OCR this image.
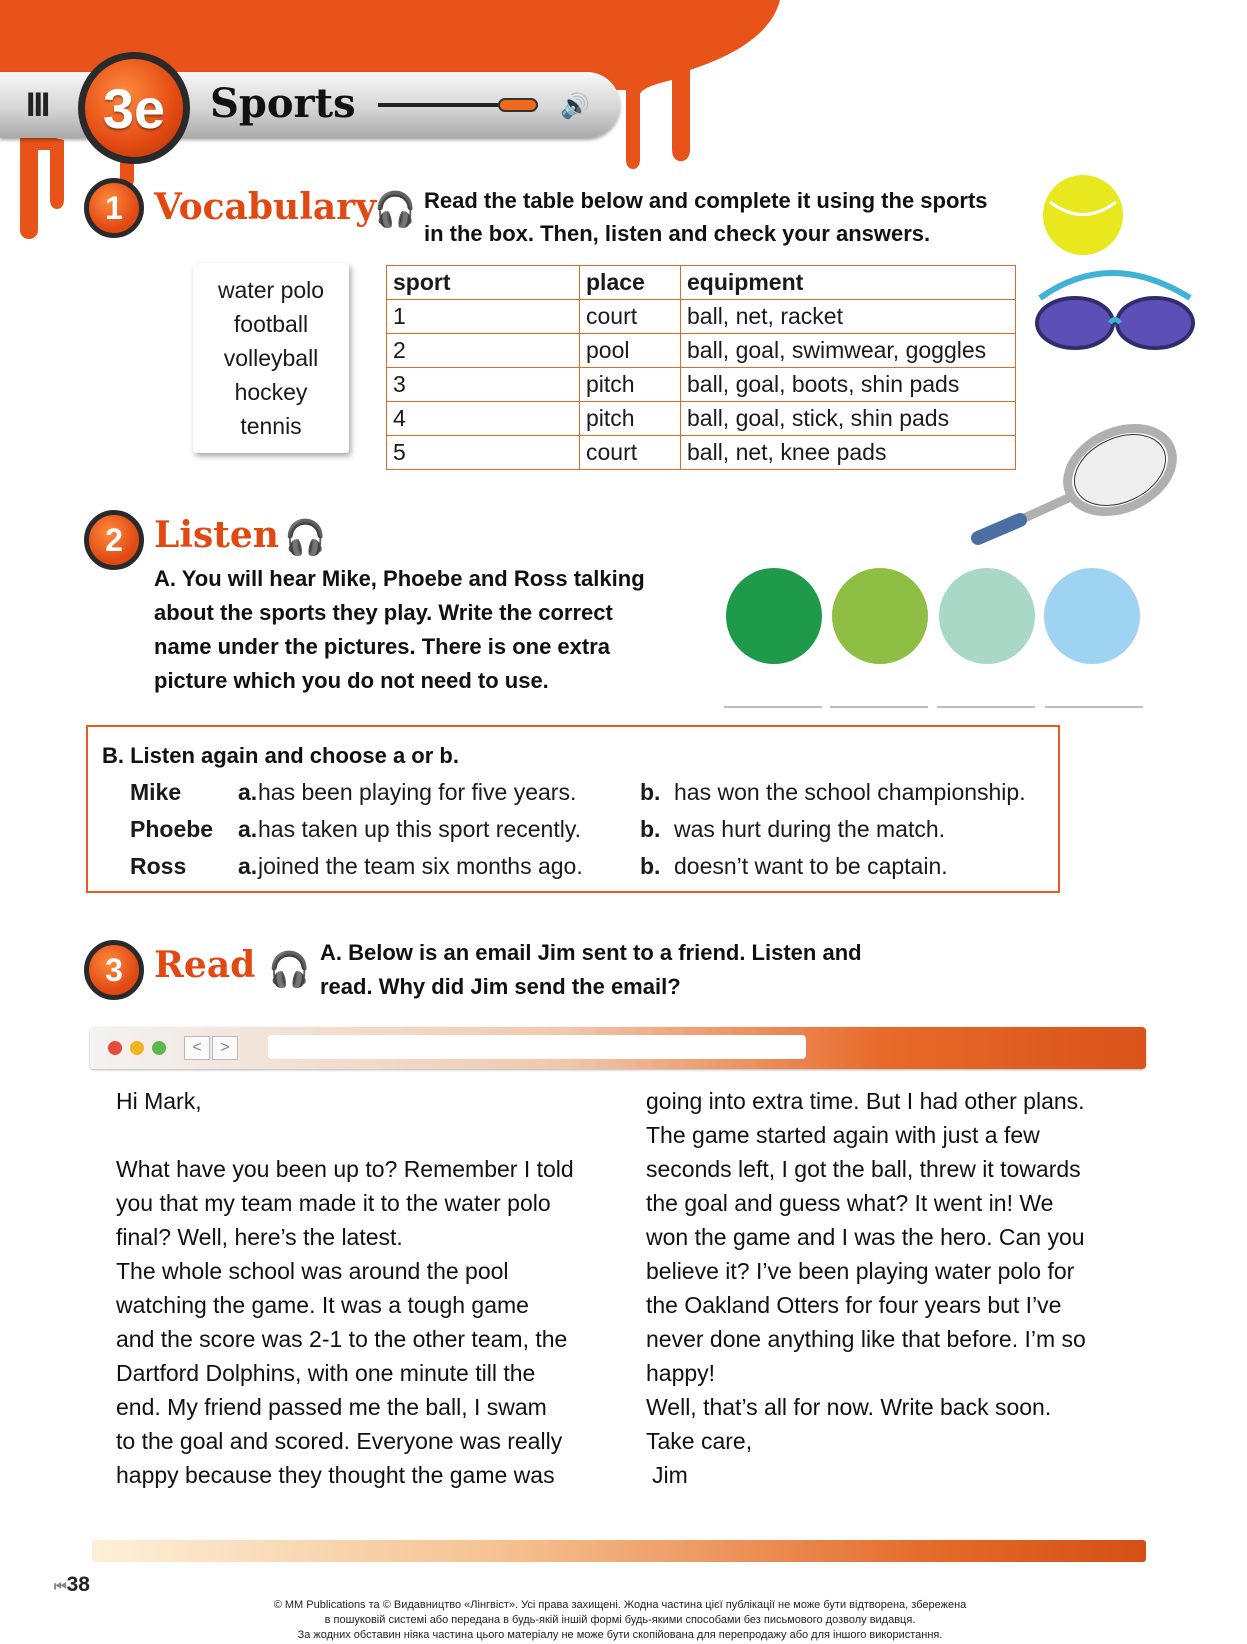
III 3e	Sports	🔊
1 Vocabulary
🎧 Read the table below and complete it using the sports
in the box. Then, listen and check your answers.
water polo
football
volleyball
hockey
tennis
sport	place	equipment
1	court	ball, net, racket
2	pool	ball, goal, swimwear, goggles
3	pitch	ball, goal, boots, shin pads
4	pitch	ball, goal, stick, shin pads
5	court	ball, net, knee pads
2 Listen 🎧
A. You will hear Mike, Phoebe and Ross talking
about the sports they play. Write the correct
name under the pictures. There is one extra
picture which you do not need to use.
B. Listen again and choose a or b.
Mike a. has been playing for five years.	b. has won the school championship.
Phoebe a. has taken up this sport recently.	b. was hurt during the match.
Ross a. joined the team six months ago. b. doesn’t want to be captain.
3 Read 🎧 A. Below is an email Jim sent to a friend. Listen and
read. Why did Jim send the email?
<	>

Hi Mark,

What have you been up to? Remember I told

you that my team made it to the water polo

final? Well, here’s the latest.

The whole school was around the pool

watching the game. It was a tough game

and the score was 2-1 to the other team, the

Dartford Dolphins, with one minute till the

end. My friend passed me the ball, I swam

to the goal and scored. Everyone was really

happy because they thought the game was

going into extra time. But I had other plans.

The game started again with just a few

seconds left, I got the ball, threw it towards

the goal and guess what? It went in! We

won the game and I was the hero. Can you

believe it? I’ve been playing water polo for

the Oakland Otters for four years but I’ve

never done anything like that before. I’m so

happy!

Well, that’s all for now. Write back soon.

Take care,

Jim

⏮38
© MM Publications та © Видавництво «Лінгвіст». Усі права захищені. Жодна частина цієї публікації не може бути відтворена, збережена
в пошуковій системі або передана в будь-якій іншій формі будь-якими способами без письмового дозволу видавця.
За жодних обставин ніяка частина цього матеріалу не може бути скопійована для перепродажу або для іншого використання.
